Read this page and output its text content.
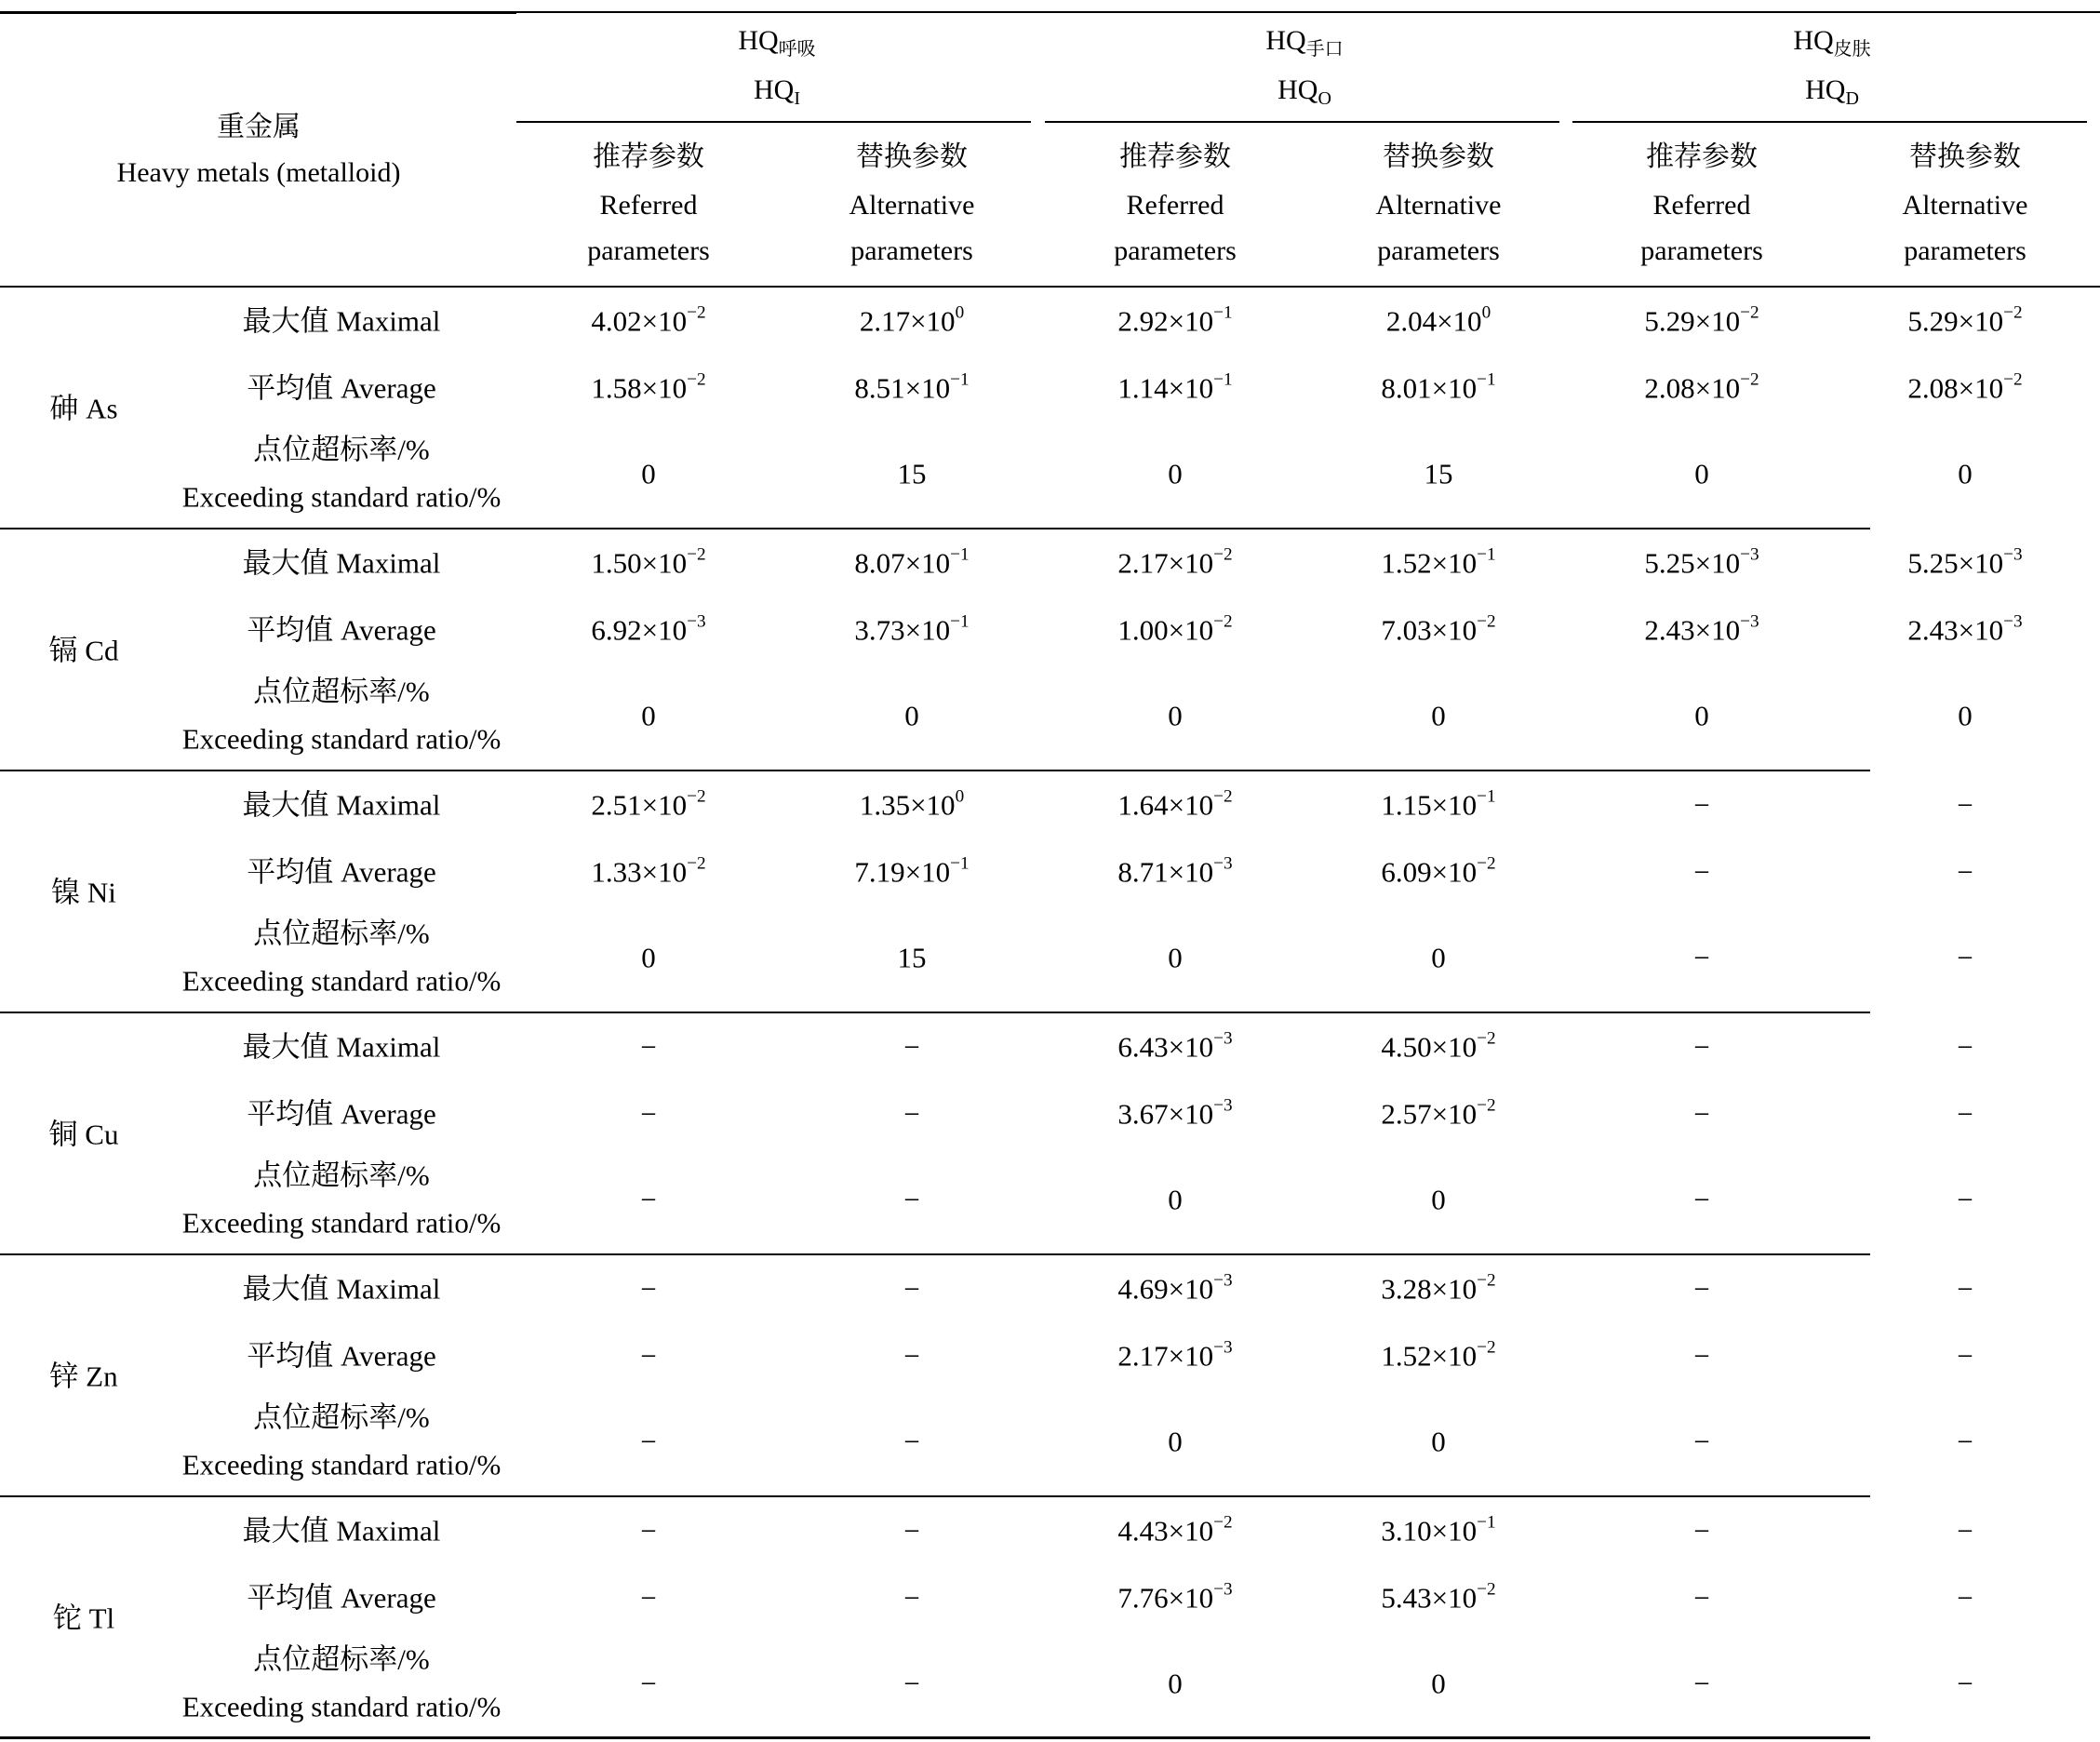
重金属
Heavy metals (metalloid)
$HQ_{呼吸}$
$HQ_I$
$HQ_{手口}$
$HQ_O$
$HQ_{皮肤}$
$HQ_D$
推荐参数
Referred
parameters
替换参数
Alternative
parameters
推荐参数
Referred
parameters
替换参数
Alternative
parameters
推荐参数
Referred
parameters
替换参数
Alternative
parameters
砷 As
最大值 Maximal
平均值 Average
点位超标率/%
Exceeding standard ratio/%
$4.02\times 10^{-2}$
$1.58\times 10^{-2}$
0
$2.17\times 10^0$
$8.51\times 10^{-1}$
15
$2.92\times 10^{-1}$
$1.14\times 10^{-1}$
0
$2.04\times 10^0$
$8.01\times 10^{-1}$
15
$5.29\times 10^{-2}$
$2.08\times 10^{-2}$
0
$5.29\times 10^{-2}$
$2.08\times 10^{-2}$
0
镉 Cd
最大值 Maximal
平均值 Average
点位超标率/%
Exceeding standard ratio/%
$1.50\times 10^{-2}$
$6.92\times 10^{-3}$
0
$8.07\times 10^{-1}$
$3.73\times 10^{-1}$
0
$2.17\times 10^{-2}$
$1.00\times 10^{-2}$
0
$1.52\times 10^{-1}$
$7.03\times 10^{-2}$
0
$5.25\times 10^{-3}$
$2.43\times 10^{-3}$
0
$5.25\times 10^{-3}$
$2.43\times 10^{-3}$
0
镍 Ni
最大值 Maximal
平均值 Average
点位超标率/%
Exceeding standard ratio/%
$2.51\times 10^{-2}$
$1.33\times 10^{-2}$
0
$1.35\times 10^0$
$7.19\times 10^{-1}$
15
$1.64\times 10^{-2}$
$8.71\times 10^{-3}$
0
$1.15\times 10^{-1}$
$6.09\times 10^{-2}$
0
−
−
−
−
−
−
铜 Cu
最大值 Maximal
平均值 Average
点位超标率/%
Exceeding standard ratio/%
−
−
−
−
−
−
$6.43\times 10^{-3}$
$3.67\times 10^{-3}$
0
$4.50\times 10^{-2}$
$2.57\times 10^{-2}$
0
−
−
−
−
−
−
锌 Zn
最大值 Maximal
平均值 Average
点位超标率/%
Exceeding standard ratio/%
−
−
−
−
−
−
$4.69\times 10^{-3}$
$2.17\times 10^{-3}$
0
$3.28\times 10^{-2}$
$1.52\times 10^{-2}$
0
−
−
−
−
−
−
铊 Tl
最大值 Maximal
平均值 Average
点位超标率/%
Exceeding standard ratio/%
−
−
−
−
−
−
$4.43\times 10^{-2}$
$7.76\times 10^{-3}$
0
$3.10\times 10^{-1}$
$5.43\times 10^{-2}$
0
−
−
−
−
−
−
